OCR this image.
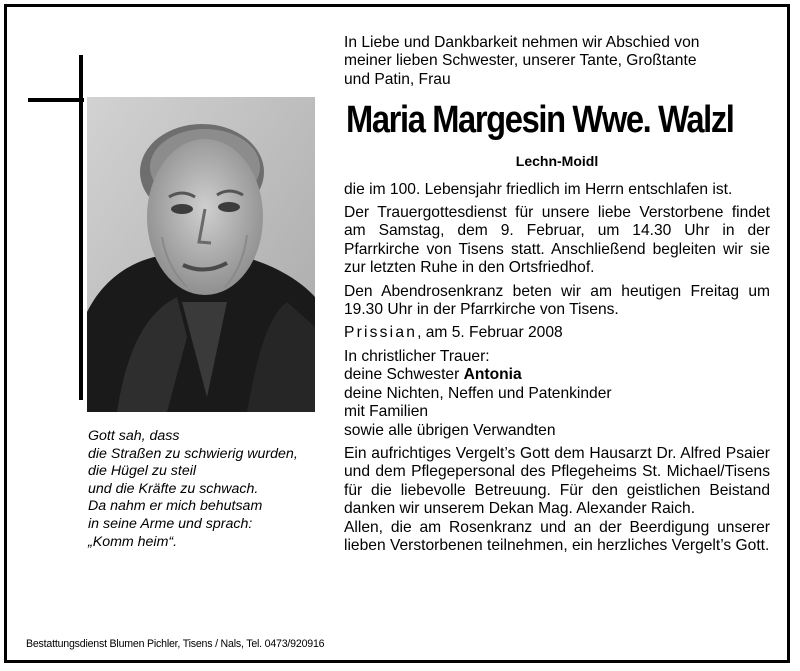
Gott sah, dass
die Straßen zu schwierig wurden,
die Hügel zu steil
und die Kräfte zu schwach.
Da nahm er mich behutsam
in seine Arme und sprach:
„Komm heim“.
Bestattungsdienst Blumen Pichler, Tisens / Nals, Tel. 0473/920916

In Liebe und Dankbarkeit nehmen wir Abschied von
meiner lieben Schwester, unserer Tante, Großtante
und Patin, Frau

Maria Margesin Wwe. Walzl

Lechn-Moidl

die im 100. Lebensjahr friedlich im Herrn entschlafen ist.

Der Trauergottesdienst für unsere liebe Verstorbene findet am Samstag, dem 9. Februar, um 14.30 Uhr in der Pfarrkirche von Tisens statt. Anschließend begleiten wir sie zur letzten Ruhe in den Ortsfriedhof.

Den Abendrosenkranz beten wir am heutigen Freitag um 19.30 Uhr in der Pfarrkirche von Tisens.

Prissian, am 5. Februar 2008

In christlicher Trauer:
deine Schwester Antonia
deine Nichten, Neffen und Patenkinder
mit Familien
sowie alle übrigen Verwandten

Ein aufrichtiges Vergelt’s Gott dem Hausarzt Dr. Alfred Psaier und dem Pflegepersonal des Pflegeheims St. Michael/Tisens für die liebevolle Betreuung. Für den geistlichen Beistand danken wir unserem Dekan Mag. Alexander Raich.

Allen, die am Rosenkranz und an der Beerdigung unserer lieben Verstorbenen teilnehmen, ein herzliches Vergelt’s Gott.
